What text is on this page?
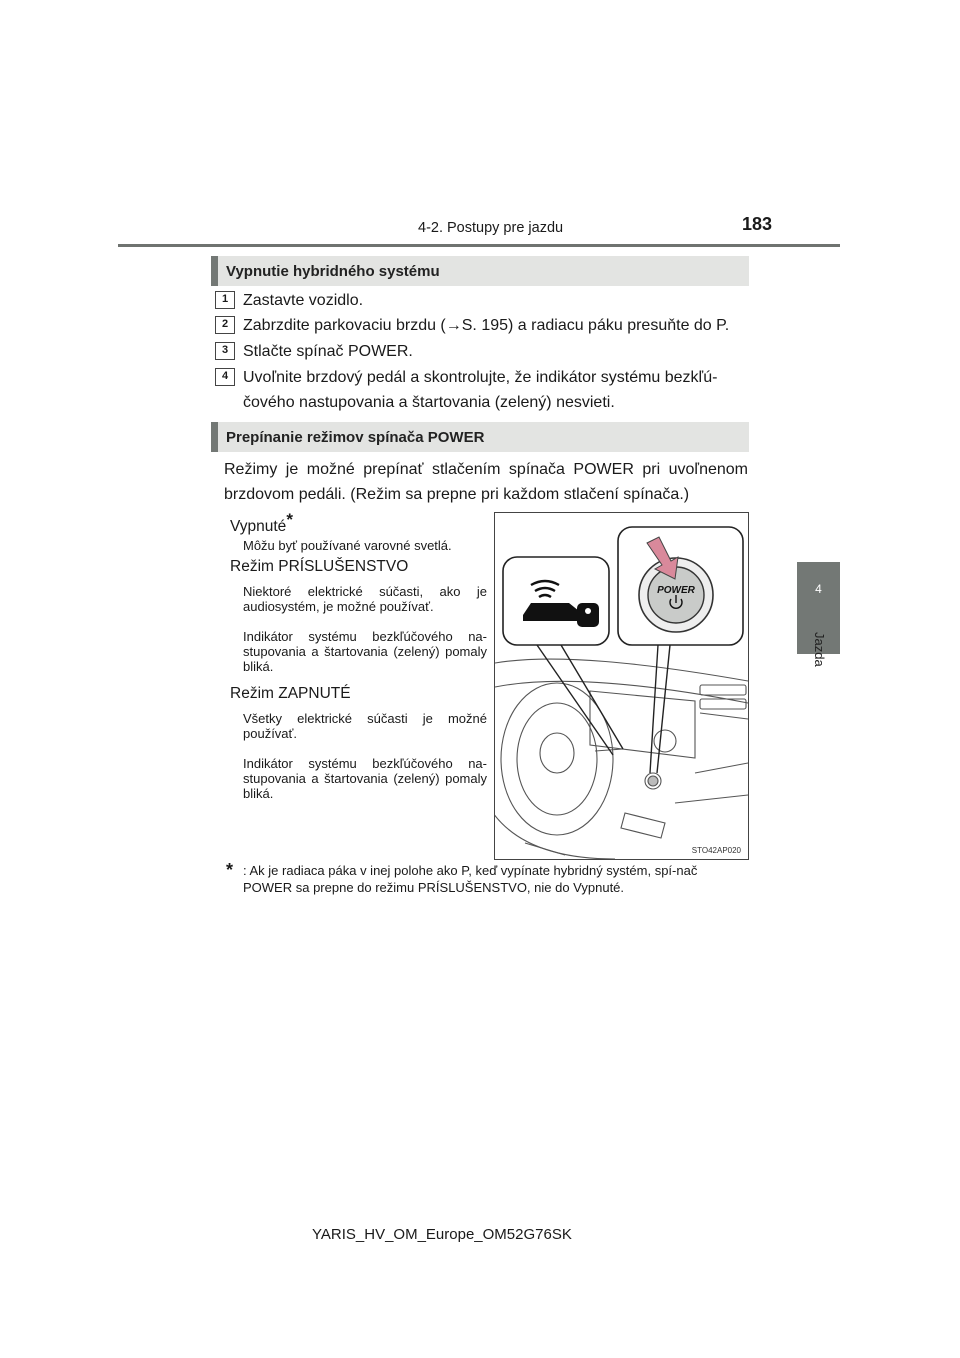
4-2. Postupy pre jazdu	183
4
Jazda
Vypnutie hybridného systému
1 Zastavte vozidlo.
2 Zabrzdite parkovaciu brzdu (→S. 195) a radiacu páku presuňte do P.
3 Stlačte spínač POWER.
4 Uvoľnite brzdový pedál a skontrolujte, že indikátor systému bezkľú-
čového nastupovania a štartovania (zelený) nesvieti.
Prepínanie režimov spínača POWER
Režimy je možné prepínať stlačením spínača POWER pri uvoľnenom brzdovom pedáli. (Režim sa prepne pri každom stlačení spínača.)
Vypnuté*
Môžu byť používané varovné svetlá.
Režim PRÍSLUŠENSTVO
Niektoré elektrické súčasti, ako je audiosystém, je možné používať.
Indikátor systému bezkľúčového na-stupovania a štartovania (zelený) pomaly bliká.
Režim ZAPNUTÉ
Všetky elektrické súčasti je možné používať.
Indikátor systému bezkľúčového na-stupovania a štartovania (zelený) pomaly bliká.
POWER
STO42AP020
* : Ak je radiaca páka v inej polohe ako P, keď vypínate hybridný systém, spí-nač POWER sa prepne do režimu PRÍSLUŠENSTVO, nie do Vypnuté.
YARIS_HV_OM_Europe_OM52G76SK
